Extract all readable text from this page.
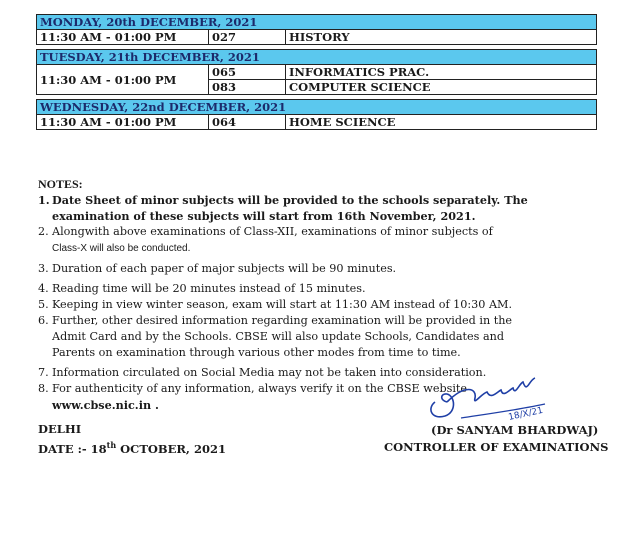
MONDAY, 20th DECEMBER, 2021		
11:30 AM - 01:00 PM	027	HISTORY

TUESDAY, 21th DECEMBER, 2021		
11:30 AM - 01:00 PM	065	INFORMATICS PRAC.
	083	COMPUTER SCIENCE

WEDNESDAY, 22nd DECEMBER, 2021		
11:30 AM - 01:00 PM	064	HOME SCIENCE
NOTES:
1. Date Sheet of minor subjects will be provided to the schools separately. The
examination of these subjects will start from 16th November, 2021.
2. Alongwith above examinations of Class-XII, examinations of minor subjects of
Class-X will also be conducted.
3. Duration of each paper of major subjects will be 90 minutes.
4. Reading time will be 20 minutes instead of 15 minutes.
5. Keeping in view winter season, exam will start at 11:30 AM instead of 10:30 AM.
6. Further, other desired information regarding examination will be provided in the
Admit Card and by the Schools. CBSE will also update Schools, Candidates and
Parents on examination through various other modes from time to time.
7. Information circulated on Social Media may not be taken into consideration.
8. For authenticity of any information, always verify it on the CBSE website
www.cbse.nic.in .
DELHI
DATE :- 18th OCTOBER, 2021
18/X/21
(Dr SANYAM BHARDWAJ)
CONTROLLER OF EXAMINATIONS
